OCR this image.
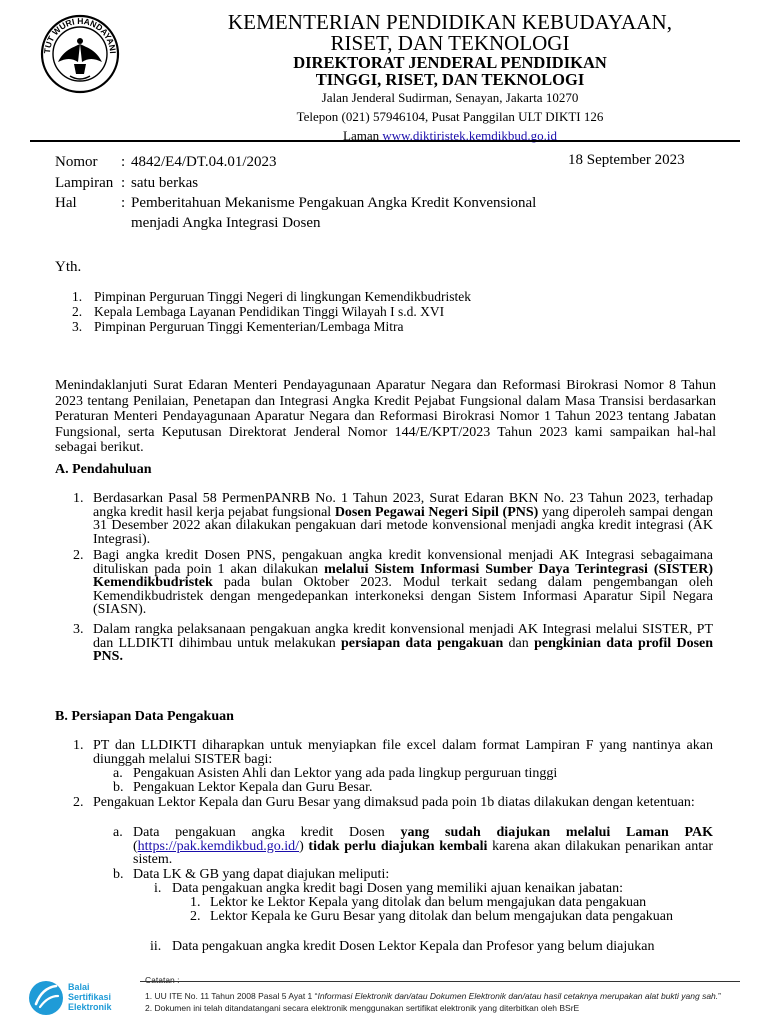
TUT WURI HANDAYANI
KEMENTERIAN PENDIDIKAN KEBUDAYAAN,
RISET, DAN TEKNOLOGI
DIREKTORAT JENDERAL PENDIDIKAN
TINGGI, RISET, DAN TEKNOLOGI
Jalan Jenderal Sudirman, Senayan, Jakarta 10270
Telepon (021) 57946104, Pusat Panggilan ULT DIKTI 126
Laman www.diktiristek.kemdikbud.go.id
Nomor : 4842/E4/DT.04.01/2023	18 September 2023
Lampiran : satu berkas
Hal	: Pemberitahuan Mekanisme Pengakuan Angka Kredit Konvensional
menjadi Angka Integrasi Dosen
Yth.
1. Pimpinan Perguruan Tinggi Negeri di lingkungan Kemendikbudristek
2. Kepala Lembaga Layanan Pendidikan Tinggi Wilayah I s.d. XVI
3. Pimpinan Perguruan Tinggi Kementerian/Lembaga Mitra
Menindaklanjuti Surat Edaran Menteri Pendayagunaan Aparatur Negara dan Reformasi Birokrasi Nomor 8 Tahun 2023 tentang Penilaian, Penetapan dan Integrasi Angka Kredit Pejabat Fungsional dalam Masa Transisi berdasarkan Peraturan Menteri Pendayagunaan Aparatur Negara dan Reformasi Birokrasi Nomor 1 Tahun 2023 tentang Jabatan Fungsional, serta Keputusan Direktorat Jenderal Nomor 144/E/KPT/2023 Tahun 2023 kami sampaikan hal-hal sebagai berikut.
A. Pendahuluan
1. Berdasarkan Pasal 58 PermenPANRB No. 1 Tahun 2023, Surat Edaran BKN No. 23 Tahun 2023, terhadap angka kredit hasil kerja pejabat fungsional Dosen Pegawai Negeri Sipil (PNS) yang diperoleh sampai dengan 31 Desember 2022 akan dilakukan pengakuan dari metode konvensional menjadi angka kredit integrasi (AK Integrasi).
2. Bagi angka kredit Dosen PNS, pengakuan angka kredit konvensional menjadi AK Integrasi sebagaimana dituliskan pada poin 1 akan dilakukan melalui Sistem Informasi Sumber Daya Terintegrasi (SISTER) Kemendikbudristek pada bulan Oktober 2023. Modul terkait sedang dalam pengembangan oleh Kemendikbudristek dengan mengedepankan interkoneksi dengan Sistem Informasi Aparatur Sipil Negara (SIASN).
3. Dalam rangka pelaksanaan pengakuan angka kredit konvensional menjadi AK Integrasi melalui SISTER, PT dan LLDIKTI dihimbau untuk melakukan persiapan data pengakuan dan pengkinian data profil Dosen PNS.
B. Persiapan Data Pengakuan
1. PT dan LLDIKTI diharapkan untuk menyiapkan file excel dalam format Lampiran F yang nantinya akan diunggah melalui SISTER bagi:
a. Pengakuan Asisten Ahli dan Lektor yang ada pada lingkup perguruan tinggi
b. Pengakuan Lektor Kepala dan Guru Besar.
2. Pengakuan Lektor Kepala dan Guru Besar yang dimaksud pada poin 1b diatas dilakukan dengan ketentuan:
a. Data pengakuan angka kredit Dosen yang sudah diajukan melalui Laman PAK (https://pak.kemdikbud.go.id/) tidak perlu diajukan kembali karena akan dilakukan penarikan antar sistem.
b. Data LK & GB yang dapat diajukan meliputi:
i. Data pengakuan angka kredit bagi Dosen yang memiliki ajuan kenaikan jabatan:
1. Lektor ke Lektor Kepala yang ditolak dan belum mengajukan data pengakuan
2. Lektor Kepala ke Guru Besar yang ditolak dan belum mengajukan data pengakuan
ii. Data pengakuan angka kredit Dosen Lektor Kepala dan Profesor yang belum diajukan
Balai
Sertifikasi
Elektronik
Catatan :
1. UU ITE No. 11 Tahun 2008 Pasal 5 Ayat 1 “Informasi Elektronik dan/atau Dokumen Elektronik dan/atau hasil cetaknya merupakan alat bukti yang sah.”
2. Dokumen ini telah ditandatangani secara elektronik menggunakan sertifikat elektronik yang diterbitkan oleh BSrE
